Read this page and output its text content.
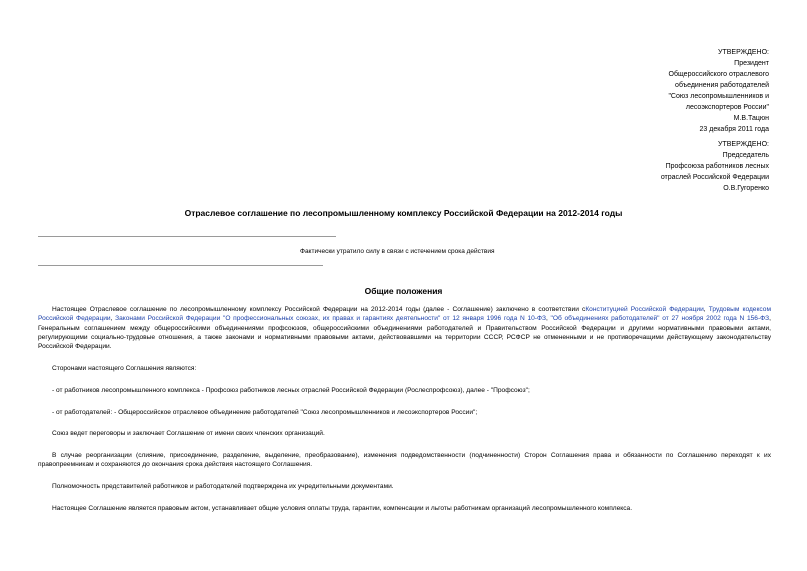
УТВЕРЖДЕНО:
Президент
Общероссийского отраслевого
объединения работодателей
"Союз лесопромышленников и
лесоэкспортеров России"
М.В.Тацюн
23 декабря 2011 года
УТВЕРЖДЕНО:
Председатель
Профсоюза работников лесных
отраслей Российской Федерации
О.В.Гугоренко
Отраслевое соглашение по лесопромышленному комплексу Российской Федерации на 2012-2014 годы
Фактически утратило силу в связи с истечением срока действия
Общие положения

Настоящее Отраслевое соглашение по лесопромышленному комплексу Российской Федерации на 2012-2014 годы (далее - Соглашение) заключено в соответствии сКонституцией Российской Федерации, Трудовым кодексом Российской Федерации, Законами Российской Федерации "О профессиональных союзах, их правах и гарантиях деятельности" от 12 января 1996 года N 10-ФЗ, "Об объединениях работодателей" от 27 ноября 2002 года N 156-ФЗ, Генеральным соглашением между общероссийскими объединениями профсоюзов, общероссийскими объединениями работодателей и Правительством Российской Федерации и другими нормативными правовыми актами, регулирующими социально-трудовые отношения, а также законами и нормативными правовыми актами, действовавшими на территории СССР, РСФСР не отмененными и не противоречащими действующему законодательству Российской Федерации.

Сторонами настоящего Соглашения являются:

- от работников лесопромышленного комплекса - Профсоюз работников лесных отраслей Российской Федерации (Рослеспрофсоюз), далее - "Профсоюз";

- от работодателей: - Общероссийское отраслевое объединение работодателей "Союз лесопромышленников и лесоэкспортеров России";

Союз ведет переговоры и заключает Соглашение от имени своих членских организаций.

В случае реорганизации (слияние, присоединение, разделение, выделение, преобразование), изменения подведомственности (подчиненности) Сторон Соглашения права и обязанности по Соглашению переходят к их правопреемникам и сохраняются до окончания срока действия настоящего Соглашения.

Полномочность представителей работников и работодателей подтверждена их учредительными документами.

Настоящее Соглашение является правовым актом, устанавливает общие условия оплаты труда, гарантии, компенсации и льготы работникам организаций лесопромышленного комплекса.
